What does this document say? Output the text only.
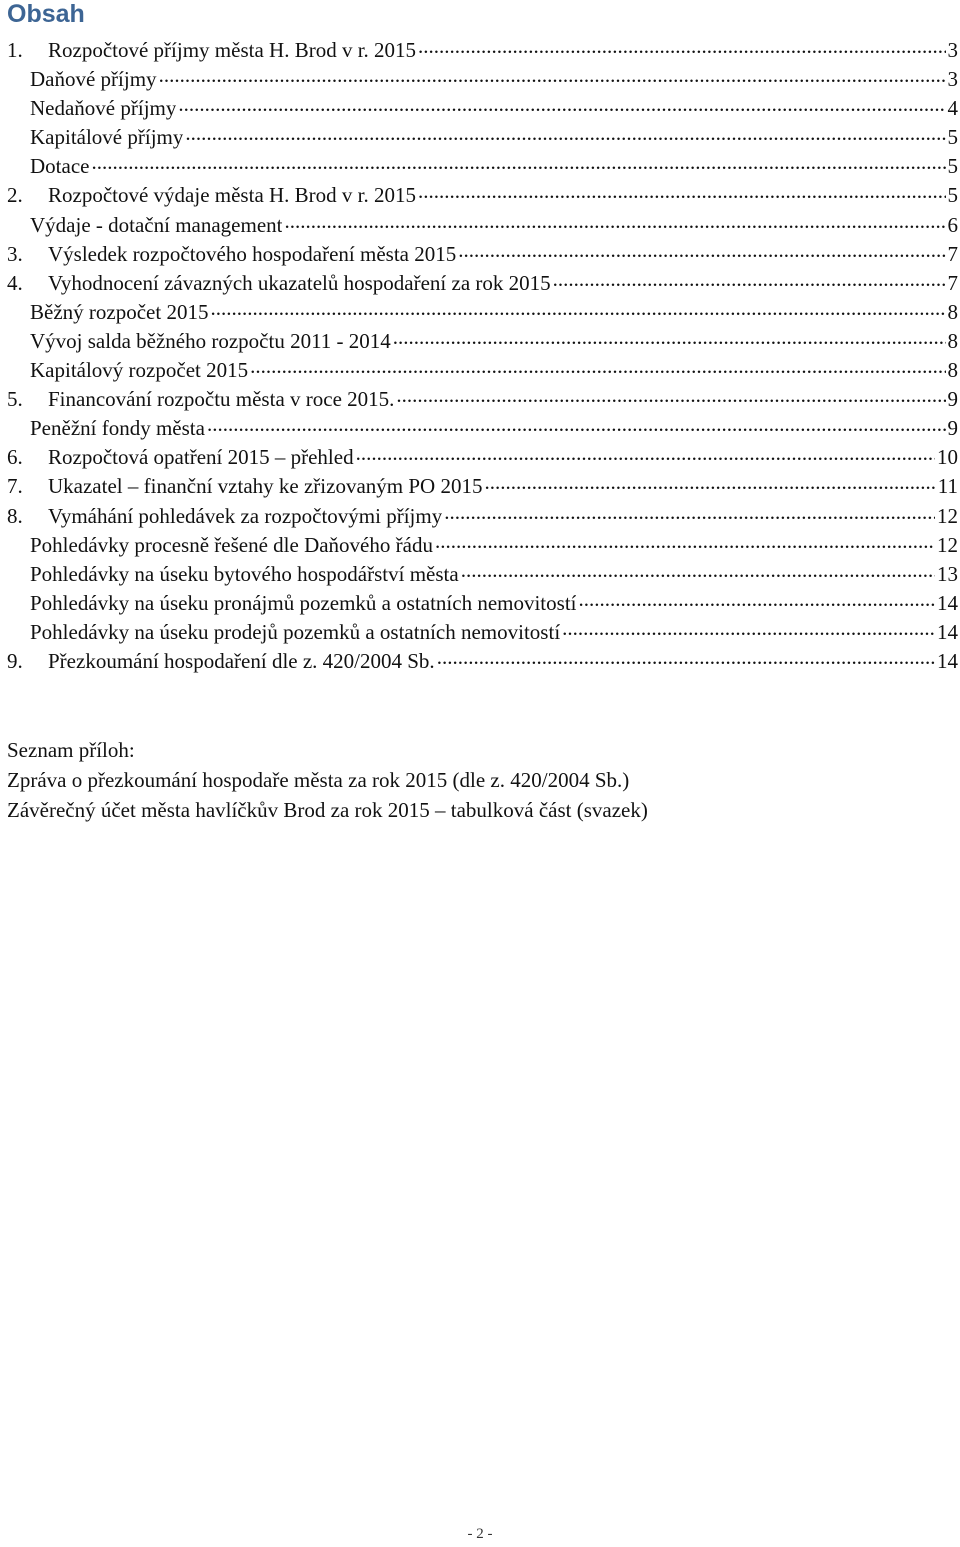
Obsah
1.	Rozpočtové příjmy města H. Brod v r. 2015 .....	3
Daňové příjmy .....	3
Nedaňové příjmy .....	4
Kapitálové příjmy .....	5
Dotace .....	5
2.	Rozpočtové výdaje města H. Brod v r. 2015 .....	5
Výdaje - dotační management .....	6
3.	Výsledek rozpočtového hospodaření města 2015 .....	7
4.	Vyhodnocení závazných ukazatelů hospodaření za rok 2015 .....	7
Běžný rozpočet 2015 .....	8
Vývoj salda běžného rozpočtu 2011 - 2014 .....	8
Kapitálový rozpočet 2015 .....	8
5.	Financování rozpočtu města v roce 2015. .....	9
Peněžní fondy města .....	9
6.	Rozpočtová opatření 2015 – přehled .....	10
7.	Ukazatel – finanční vztahy ke zřizovaným PO 2015 .....	11
8.	Vymáhání pohledávek za rozpočtovými příjmy .....	12
Pohledávky procesně řešené dle Daňového řádu .....	12
Pohledávky na úseku bytového hospodářství města .....	13
Pohledávky na úseku pronájmů pozemků a ostatních nemovitostí .....	14
Pohledávky na úseku prodejů pozemků a ostatních nemovitostí .....	14
9.	Přezkoumání hospodaření dle z. 420/2004 Sb. .....	14
Seznam příloh:
Zpráva o přezkoumání hospodaře města za rok 2015 (dle z. 420/2004 Sb.)
Závěrečný účet města havlíčkův Brod za rok 2015 – tabulková část (svazek)
- 2 -
